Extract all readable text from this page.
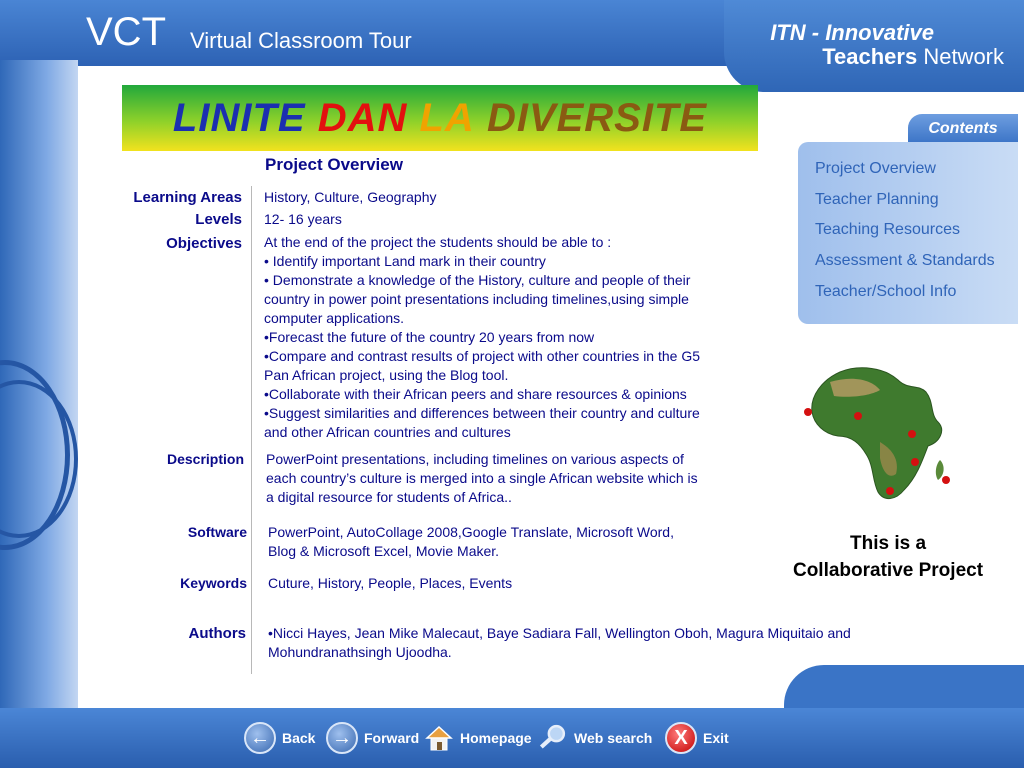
VCT Virtual Classroom Tour	ITN - Innovative
Teachers Network
LINITE
DAN
LA
DIVERSITE
Project Overview
Contents
Project Overview
Teacher Planning
Teaching Resources
Assessment & Standards
Teacher/School Info
Learning Areas History, Culture, Geography
Levels 12- 16 years
Objectives At the end of the project the students should be able to :
• Identify important Land mark in their country
• Demonstrate a knowledge of the History, culture and people of their
country in power point presentations including timelines,using simple
computer applications.
•Forecast the future of the country 20 years from now
•Compare and contrast results of project with other countries in the G5
Pan African project, using the Blog tool.
•Collaborate with their African peers and share resources & opinions
•Suggest similarities and differences between their country and culture
and other African countries and cultures
Description PowerPoint presentations, including timelines on various aspects of
each country’s culture is merged into a single African website which is
a digital resource for students of Africa..
Software PowerPoint, AutoCollage 2008,Google Translate, Microsoft Word,
Blog & Microsoft Excel, Movie Maker.
Keywords Cuture, History, People, Places, Events
Authors •Nicci Hayes, Jean Mike Malecaut, Baye Sadiara Fall, Wellington Oboh, Magura Miquitaio and
Mohundranathsingh Ujoodha.
This is a
Collaborative Project
← Back → Forward	Homepage	Web search	X	Exit
